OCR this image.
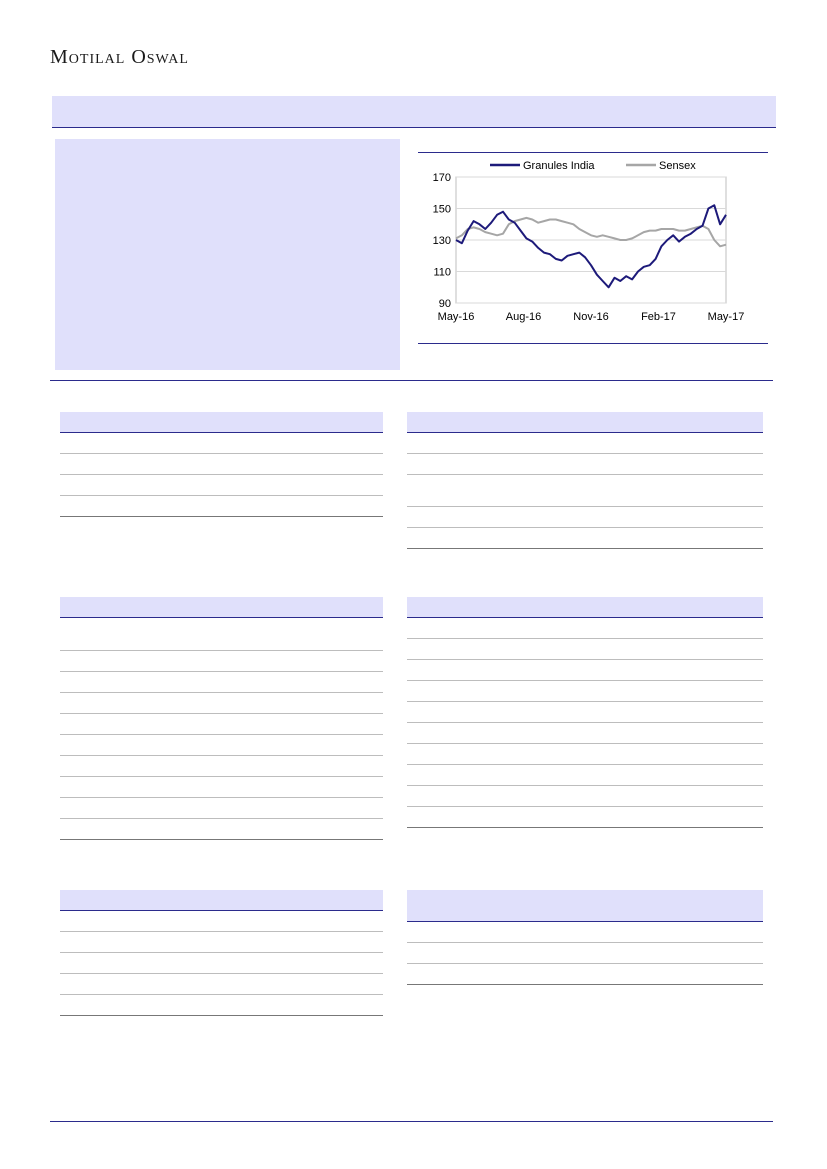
Motilal Oswal
Granules India	Sensex
90
110
130
150
170
May-16	Aug-16	Nov-16	Feb-17	May-17
